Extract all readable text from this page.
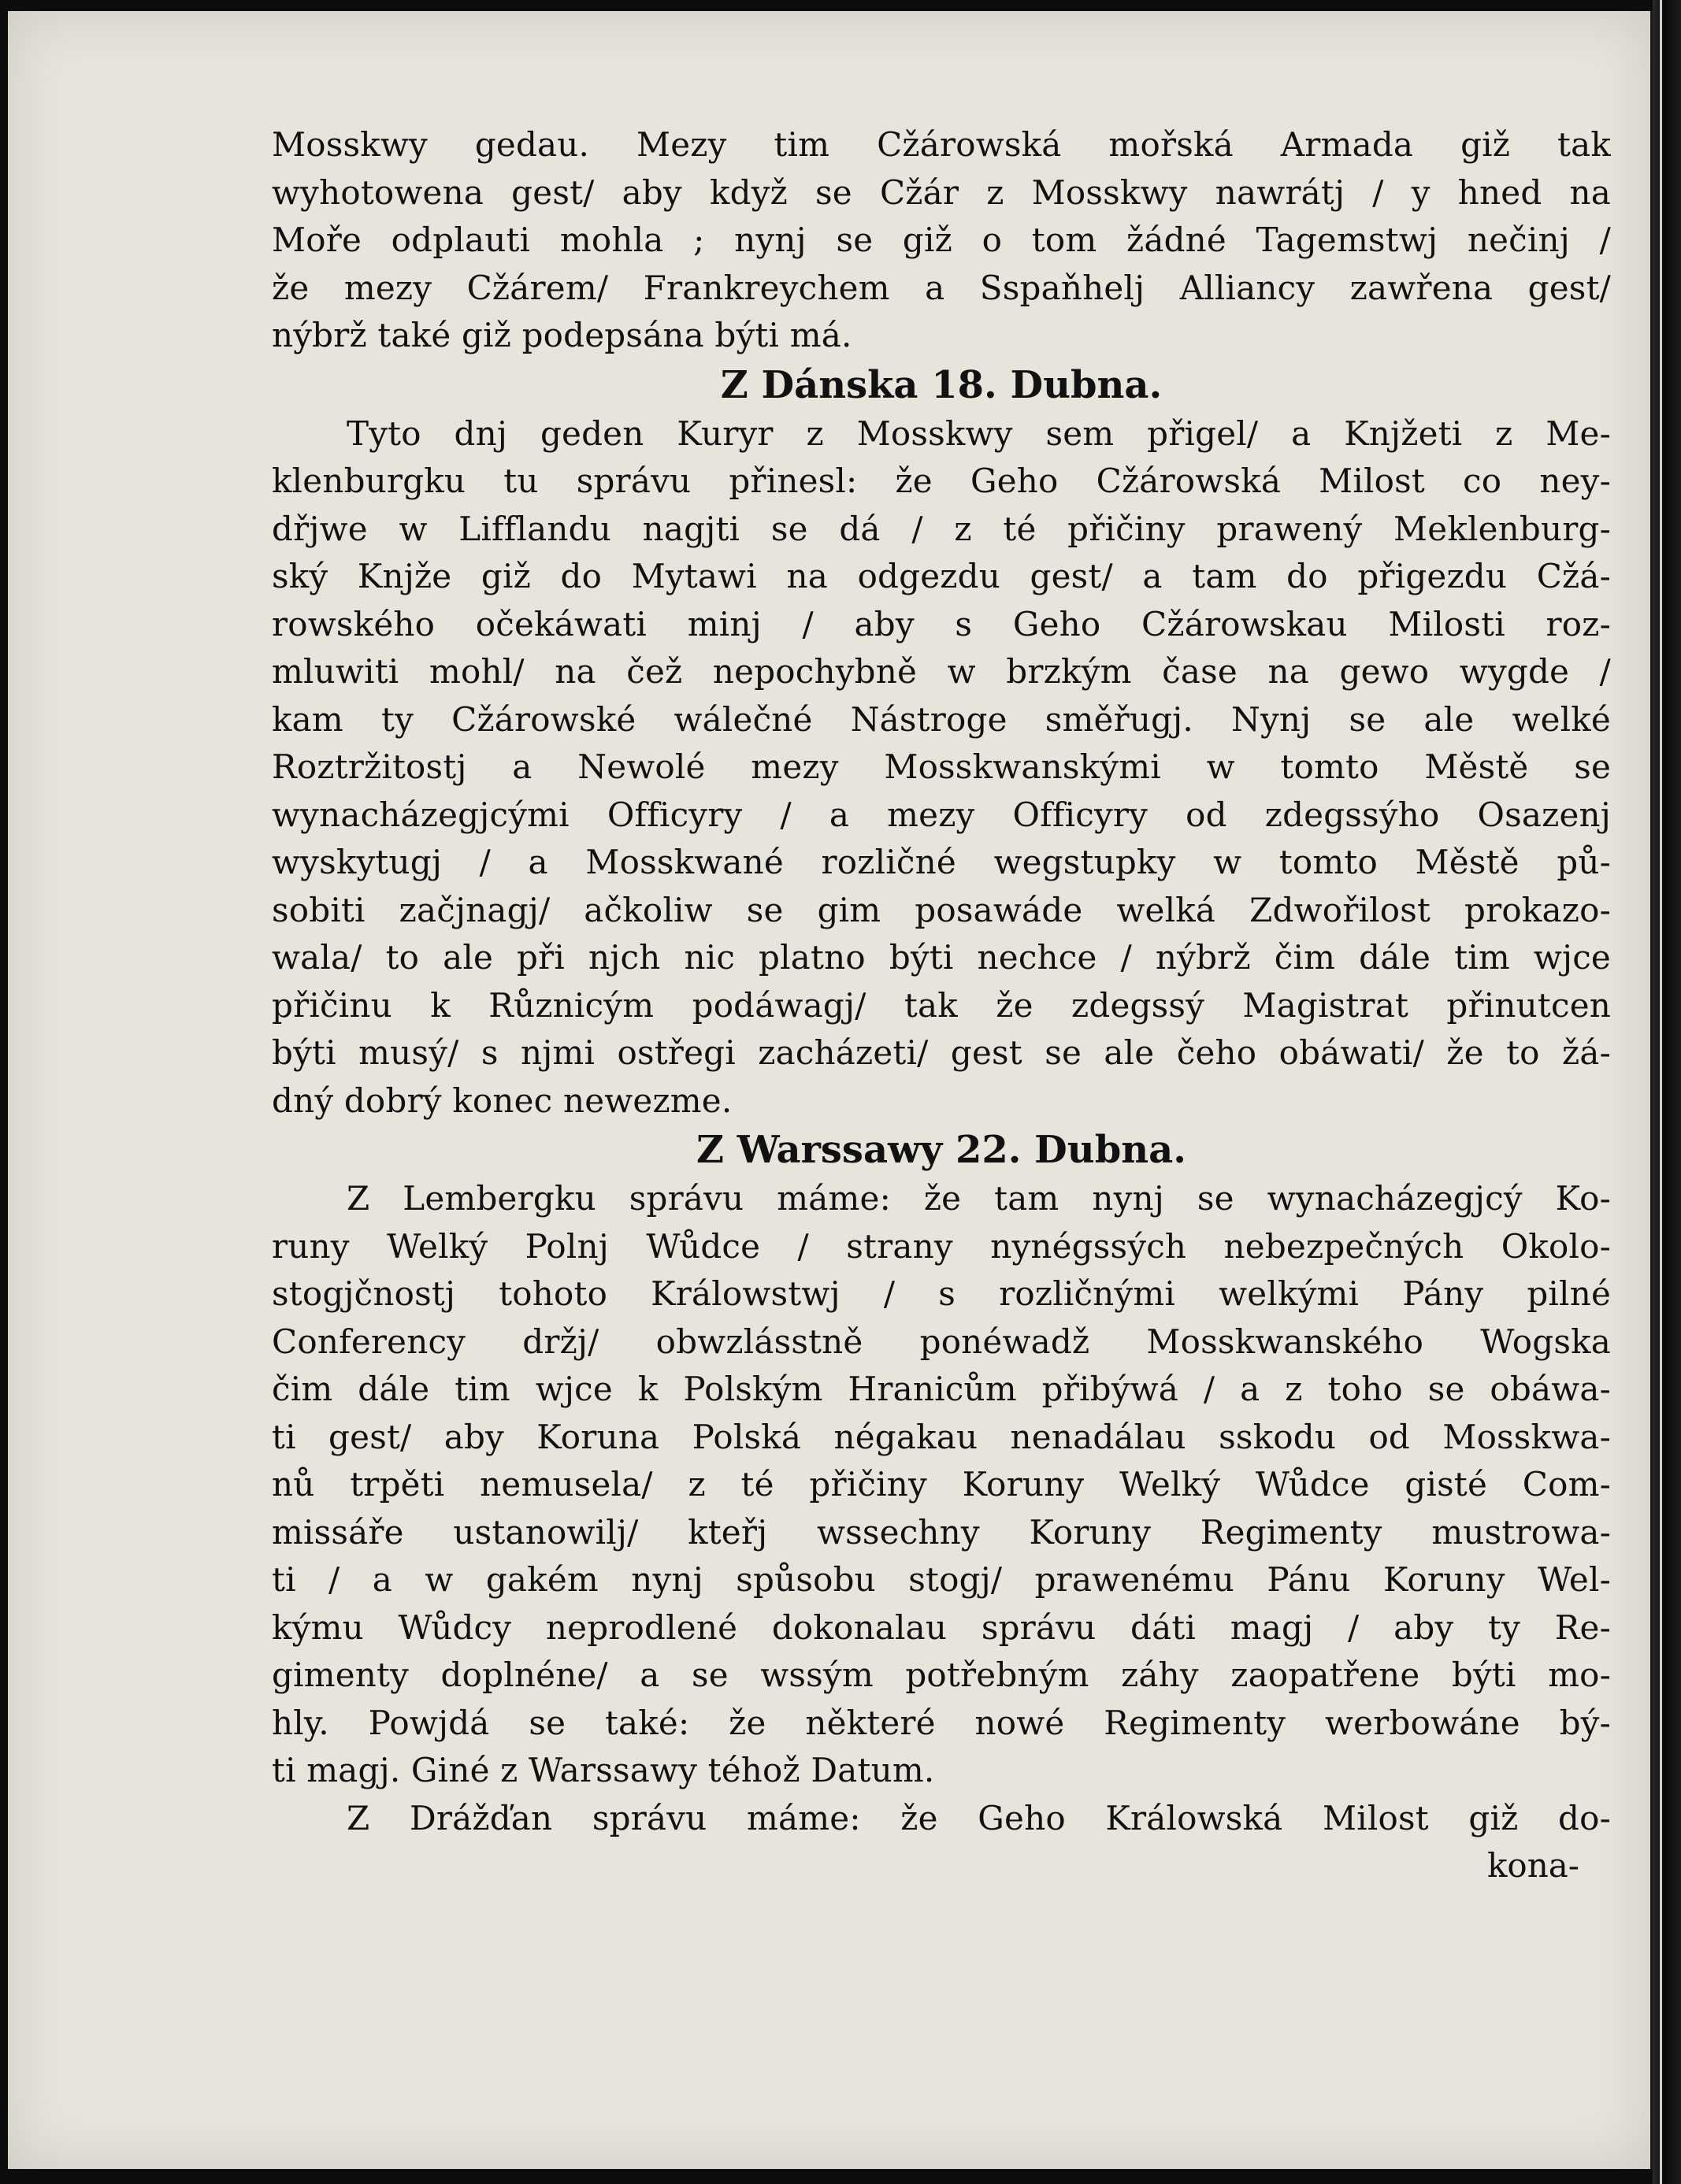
Mosskwy gedau. Mezy tim Cžárowská mořská Armada giž tak
wyhotowena gest/ aby když se Cžár z Mosskwy nawrátj / y hned na
Moře odplauti mohla ; nynj se giž o tom žádné Tagemstwj nečinj /
že mezy Cžárem/ Frankreychem a Sspaňhelj Alliancy zawřena gest/
nýbrž také giž podepsána býti má.
Z Dánska 18. Dubna.
Tyto dnj geden Kuryr z Mosskwy sem přigel/ a Knjžeti z Me-
klenburgku tu správu přinesl: že Geho Cžárowská Milost co ney-
dřjwe w Lifflandu nagjti se dá / z té přičiny prawený Meklenburg-
ský Knjže giž do Mytawi na odgezdu gest/ a tam do přigezdu Cžá-
rowského očekáwati minj / aby s Geho Cžárowskau Milosti roz-
mluwiti mohl/ na čež nepochybně w brzkým čase na gewo wygde /
kam ty Cžárowské wálečné Nástroge směřugj. Nynj se ale welké
Roztržitostj a Newolé mezy Mosskwanskými w tomto Městě se
wynacházegjcými Officyry / a mezy Officyry od zdegssýho Osazenj
wyskytugj / a Mosskwané rozličné wegstupky w tomto Městě pů-
sobiti začjnagj/ ačkoliw se gim posawáde welká Zdwořilost prokazo-
wala/ to ale při njch nic platno býti nechce / nýbrž čim dále tim wjce
přičinu k Různicým podáwagj/ tak že zdegssý Magistrat přinutcen
býti musý/ s njmi ostřegi zacházeti/ gest se ale čeho obáwati/ že to žá-
dný dobrý konec newezme.
Z Warssawy 22. Dubna.
Z Lembergku správu máme: že tam nynj se wynacházegjcý Ko-
runy Welký Polnj Wůdce / strany nynégssých nebezpečných Okolo-
stogjčnostj tohoto Králowstwj / s rozličnými welkými Pány pilné
Conferency držj/ obwzlásstně ponéwadž Mosskwanského Wogska
čim dále tim wjce k Polským Hranicům přibýwá / a z toho se obáwa-
ti gest/ aby Koruna Polská négakau nenadálau sskodu od Mosskwa-
nů trpěti nemusela/ z té přičiny Koruny Welký Wůdce gisté Com-
missáře ustanowilj/ kteřj wssechny Koruny Regimenty mustrowa-
ti / a w gakém nynj spůsobu stogj/ prawenému Pánu Koruny Wel-
kýmu Wůdcy neprodlené dokonalau správu dáti magj / aby ty Re-
gimenty doplnéne/ a se wssým potřebným záhy zaopatřene býti mo-
hly. Powjdá se také: že některé nowé Regimenty werbowáne bý-
ti magj. Giné z Warssawy téhož Datum.
Z Drážďan správu máme: že Geho Králowská Milost giž do-
kona-
